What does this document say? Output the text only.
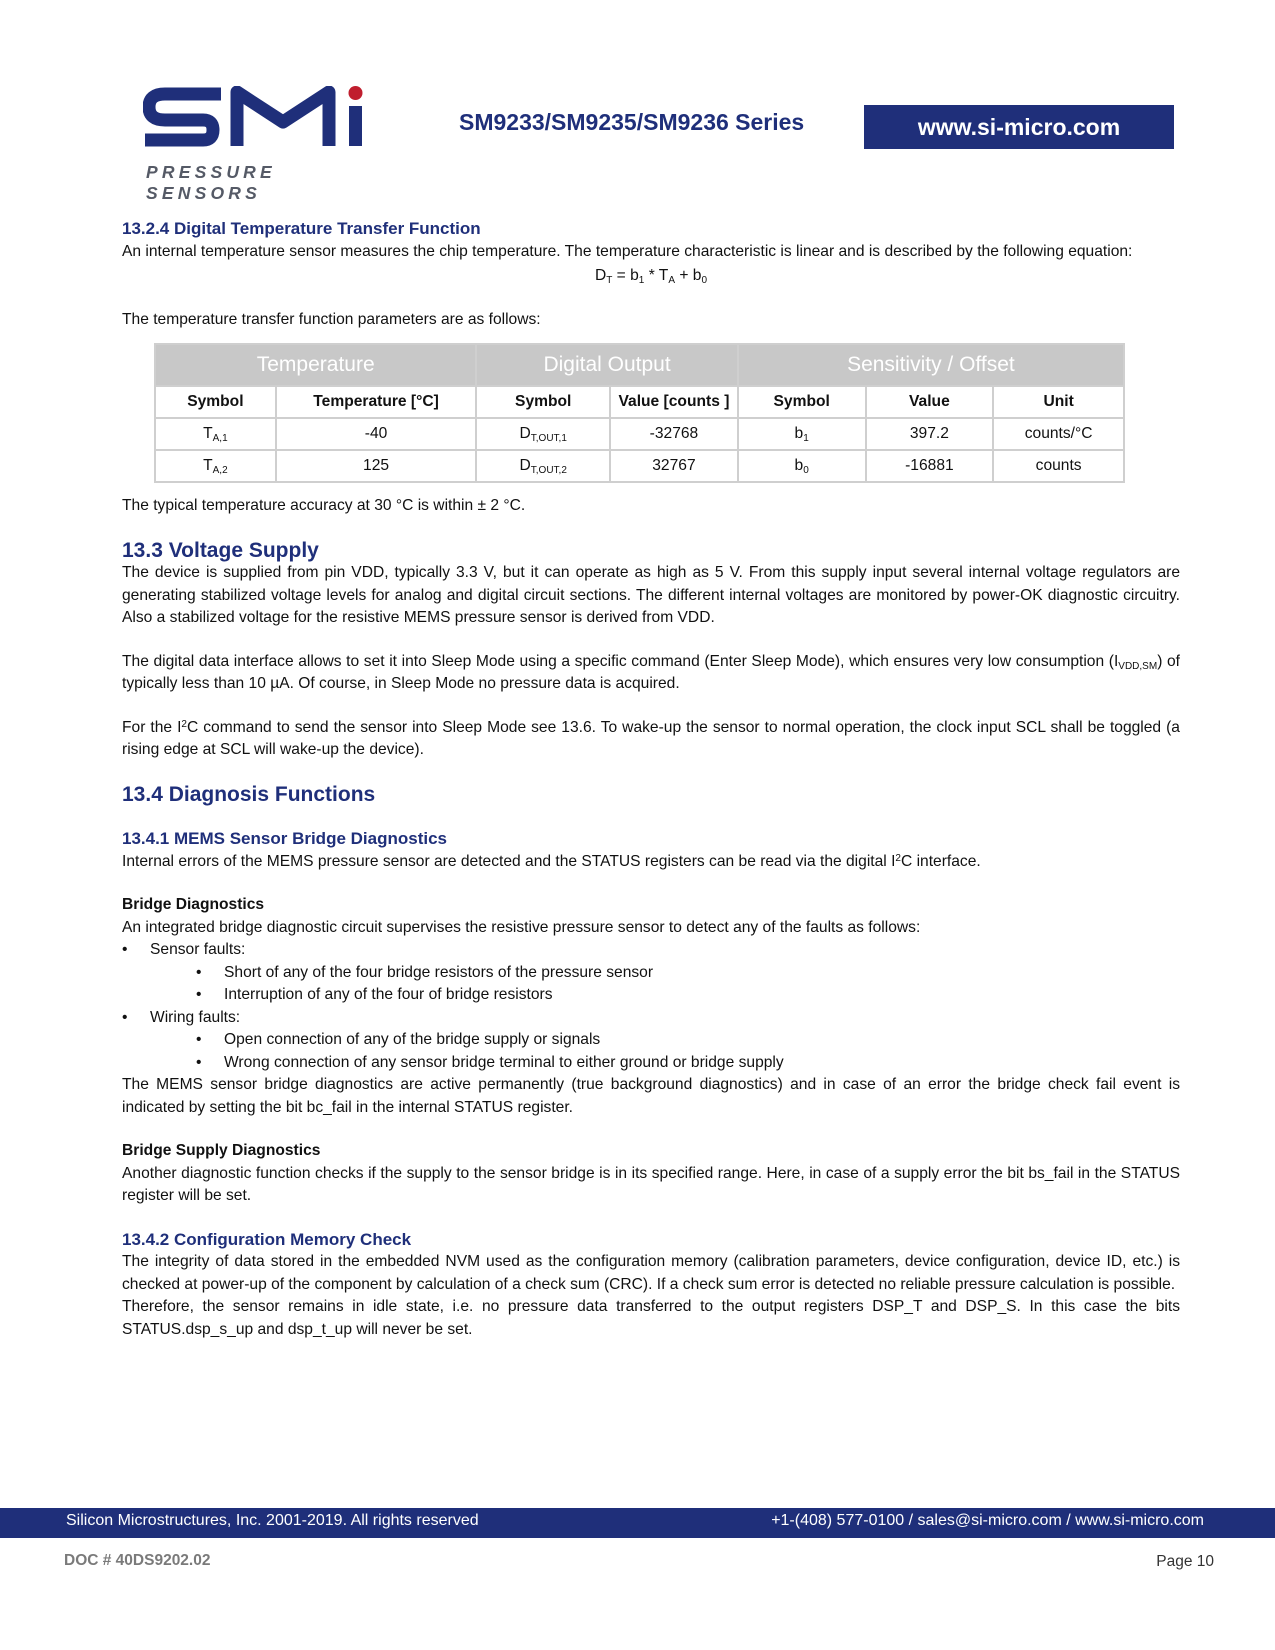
PRESSURE SENSORS
SM9233/SM9235/SM9236 Series	www.si-micro.com
13.2.4 Digital Temperature Transfer Function

An internal temperature sensor measures the chip temperature. The temperature characteristic is linear and is described by the following equation:

$D_T = b_1 * T_A + b_0$

The temperature transfer function parameters are as follows:

Temperature		Digital Output		Sensitivity / Offset		
Symbol	Temperature [°C]	Symbol	Value [counts ]	Symbol	Value	Unit
$T_{A,1}$	-40	$D_{T,OUT,1}$	-32768	$b_1$	397.2	counts/°C
$T_{A,2}$	125	$D_{T,OUT,2}$	32767	$b_0$	-16881	counts

The typical temperature accuracy at 30 °C is within ± 2 °C.

13.3 Voltage Supply

The device is supplied from pin VDD, typically 3.3 V, but it can operate as high as 5 V. From this supply input several internal voltage regulators are generating stabilized voltage levels for analog and digital circuit sections. The different internal voltages are monitored by power-OK diagnostic circuitry. Also a stabilized voltage for the resistive MEMS pressure sensor is derived from VDD.

The digital data interface allows to set it into Sleep Mode using a specific command (Enter Sleep Mode), which ensures very low consumption $(I_{VDD,SM})$ of typically less than 10 µA. Of course, in Sleep Mode no pressure data is acquired.

For the $I^2C$ command to send the sensor into Sleep Mode see 13.6. To wake-up the sensor to normal operation, the clock input SCL shall be toggled (a rising edge at SCL will wake-up the device).

13.4 Diagnosis Functions
13.4.1 MEMS Sensor Bridge Diagnostics

Internal errors of the MEMS pressure sensor are detected and the STATUS registers can be read via the digital $I^2C$ interface.

Bridge Diagnostics

An integrated bridge diagnostic circuit supervises the resistive pressure sensor to detect any of the faults as follows:

• Sensor faults:
• Short of any of the four bridge resistors of the pressure sensor
• Interruption of any of the four of bridge resistors
• Wiring faults:
• Open connection of any of the bridge supply or signals
• Wrong connection of any sensor bridge terminal to either ground or bridge supply

The MEMS sensor bridge diagnostics are active permanently (true background diagnostics) and in case of an error the bridge check fail event is indicated by setting the bit bc_fail in the internal STATUS register.

Bridge Supply Diagnostics

Another diagnostic function checks if the supply to the sensor bridge is in its specified range. Here, in case of a supply error the bit bs_fail in the STATUS register will be set.

13.4.2 Configuration Memory Check

The integrity of data stored in the embedded NVM used as the configuration memory (calibration parameters, device configuration, device ID, etc.) is checked at power-up of the component by calculation of a check sum (CRC). If a check sum error is detected no reliable pressure calculation is possible.

Therefore, the sensor remains in idle state, i.e. no pressure data transferred to the output registers DSP_T and DSP_S. In this case the bits STATUS.dsp_s_up and dsp_t_up will never be set.

Silicon Microstructures, Inc. 2001-2019. All rights reserved	+1-(408) 577-0100 / sales@si-micro.com / www.si-micro.com
DOC # 40DS9202.02	Page 10
